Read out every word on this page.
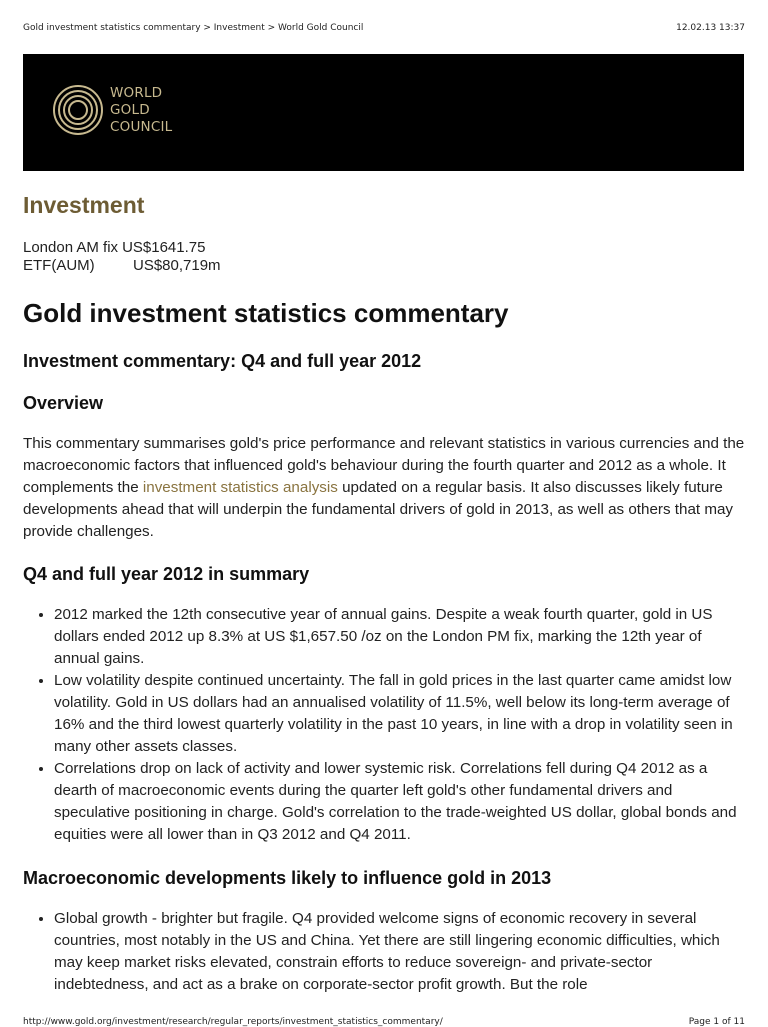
Gold investment statistics commentary > Investment > World Gold Council	12.02.13 13:37
WORLD
GOLD
COUNCIL
Investment
London AM fix US$1641.75
ETF(AUM)	US$80,719m
Gold investment statistics commentary
Investment commentary: Q4 and full year 2012
Overview

This commentary summarises gold's price performance and relevant statistics in various currencies and the macroeconomic factors that influenced gold's behaviour during the fourth quarter and 2012 as a whole. It complements the investment statistics analysis updated on a regular basis. It also discusses likely future developments ahead that will underpin the fundamental drivers of gold in 2013, as well as others that may provide challenges.

Q4 and full year 2012 in summary
• 2012 marked the 12th consecutive year of annual gains. Despite a weak fourth quarter, gold in US dollars ended 2012 up 8.3% at US $1,657.50 /oz on the London PM fix, marking the 12th year of annual gains.
• Low volatility despite continued uncertainty. The fall in gold prices in the last quarter came amidst low volatility. Gold in US dollars had an annualised volatility of 11.5%, well below its long-term average of 16% and the third lowest quarterly volatility in the past 10 years, in line with a drop in volatility seen in many other assets classes.
• Correlations drop on lack of activity and lower systemic risk. Correlations fell during Q4 2012 as a dearth of macroeconomic events during the quarter left gold's other fundamental drivers and speculative positioning in charge. Gold's correlation to the trade-weighted US dollar, global bonds and equities were all lower than in Q3 2012 and Q4 2011.
Macroeconomic developments likely to influence gold in 2013
• Global growth - brighter but fragile. Q4 provided welcome signs of economic recovery in several countries, most notably in the US and China. Yet there are still lingering economic difficulties, which may keep market risks elevated, constrain efforts to reduce sovereign- and private-sector indebtedness, and act as a brake on corporate-sector profit growth. But the role
http://www.gold.org/investment/research/regular_reports/investment_statistics_commentary/	Page 1 of 11
